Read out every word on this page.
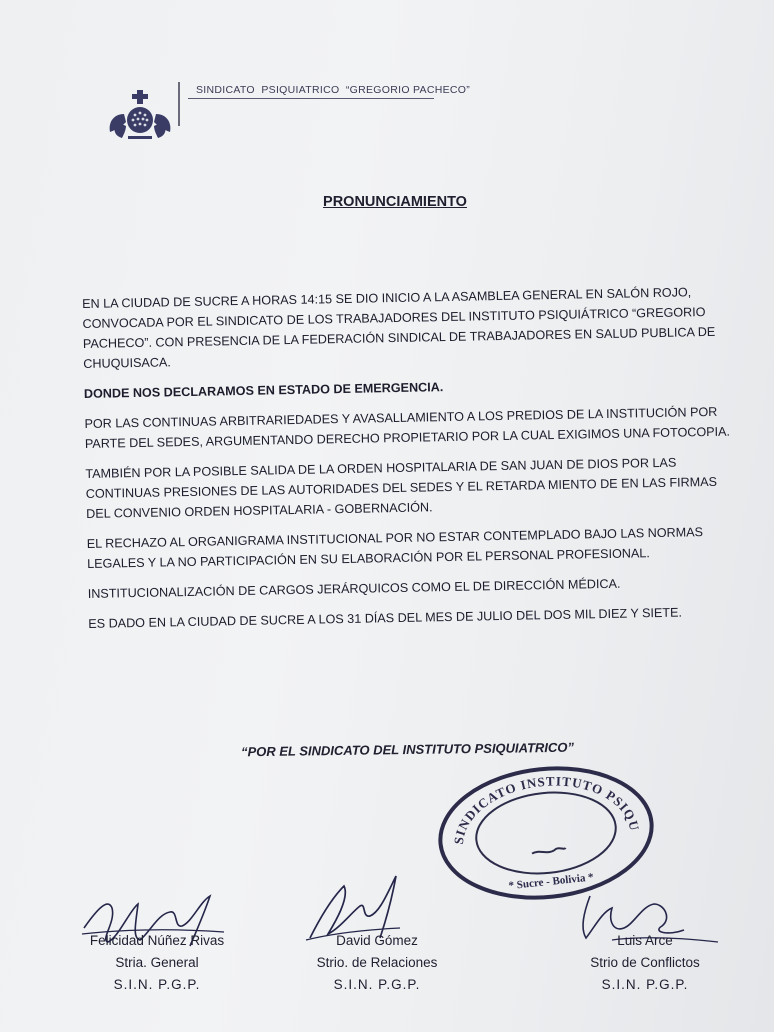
SINDICATO  PSIQUIATRICO  “GREGORIO PACHECO”
PRONUNCIAMIENTO

EN LA CIUDAD DE SUCRE A HORAS 14:15 SE DIO INICIO A LA ASAMBLEA GENERAL EN SALÓN ROJO, CONVOCADA POR EL SINDICATO DE LOS TRABAJADORES DEL INSTITUTO PSIQUIÁTRICO “GREGORIO PACHECO”. CON PRESENCIA DE LA FEDERACIÓN SINDICAL DE TRABAJADORES EN SALUD PUBLICA DE CHUQUISACA.

DONDE NOS DECLARAMOS EN ESTADO DE EMERGENCIA.

POR LAS CONTINUAS ARBITRARIEDADES Y AVASALLAMIENTO A LOS PREDIOS DE LA INSTITUCIÓN POR PARTE DEL SEDES, ARGUMENTANDO DERECHO PROPIETARIO POR LA CUAL EXIGIMOS UNA FOTOCOPIA.

TAMBIÉN POR LA POSIBLE SALIDA DE LA ORDEN HOSPITALARIA DE SAN JUAN DE DIOS POR LAS CONTINUAS PRESIONES DE LAS AUTORIDADES DEL SEDES Y EL RETARDA MIENTO DE EN LAS FIRMAS DEL CONVENIO ORDEN HOSPITALARIA - GOBERNACIÓN.

EL RECHAZO AL ORGANIGRAMA INSTITUCIONAL POR NO ESTAR CONTEMPLADO BAJO LAS NORMAS LEGALES Y LA NO PARTICIPACIÓN EN SU ELABORACIÓN POR EL PERSONAL PROFESIONAL.

INSTITUCIONALIZACIÓN DE CARGOS JERÁRQUICOS COMO EL DE DIRECCIÓN MÉDICA.

ES DADO EN LA CIUDAD DE SUCRE A LOS 31 DÍAS DEL MES DE JULIO DEL DOS MIL DIEZ Y SIETE.

“POR EL SINDICATO DEL INSTITUTO PSIQUIATRICO”
SINDICATO INSTITUTO PSIQUIATRICO
* Sucre - Bolivia *
Felicidad Núñez Rivas
Stria. General
S.I.N. P.G.P.
David Gómez
Strio. de Relaciones
S.I.N. P.G.P.
Luis Arce
Strio de Conflictos
S.I.N. P.G.P.
